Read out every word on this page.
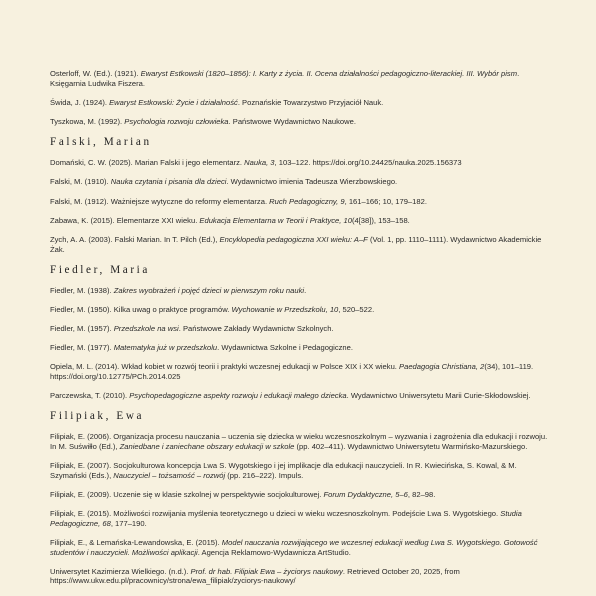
Osterloff, W. (Ed.). (1921). Ewaryst Estkowski (1820–1856): I. Karty z życia. II. Ocena działalności pedagogiczno-literackiej. III. Wybór pism. Księgarnia Ludwika Fiszera.

Świda, J. (1924). Ewaryst Estkowski: Życie i działalność. Poznańskie Towarzystwo Przyjaciół Nauk.

Tyszkowa, M. (1992). Psychologia rozwoju człowieka. Państwowe Wydawnictwo Naukowe.

Falski, Marian

Domański, C. W. (2025). Marian Falski i jego elementarz. Nauka, 3, 103–122. https://doi.org/10.24425/nauka.2025.156373

Falski, M. (1910). Nauka czytania i pisania dla dzieci. Wydawnictwo imienia Tadeusza Wierzbowskiego.

Falski, M. (1912). Ważniejsze wytyczne do reformy elementarza. Ruch Pedagogiczny, 9, 161–166; 10, 179–182.

Zabawa, K. (2015). Elementarze XXI wieku. Edukacja Elementarna w Teorii i Praktyce, 10(4[38]), 153–158.

Zych, A. A. (2003). Falski Marian. In T. Pilch (Ed.), Encyklopedia pedagogiczna XXI wieku: A–F (Vol. 1, pp. 1110–1111). Wydawnictwo Akademickie Żak.

Fiedler, Maria

Fiedler, M. (1938). Zakres wyobrażeń i pojęć dzieci w pierwszym roku nauki.

Fiedler, M. (1950). Kilka uwag o praktyce programów. Wychowanie w Przedszkolu, 10, 520–522.

Fiedler, M. (1957). Przedszkole na wsi. Państwowe Zakłady Wydawnictw Szkolnych.

Fiedler, M. (1977). Matematyka już w przedszkolu. Wydawnictwa Szkolne i Pedagogiczne.

Opiela, M. L. (2014). Wkład kobiet w rozwój teorii i praktyki wczesnej edukacji w Polsce XIX i XX wieku. Paedagogia Christiana, 2(34), 101–119. https://doi.org/10.12775/PCh.2014.025

Parczewska, T. (2010). Psychopedagogiczne aspekty rozwoju i edukacji małego dziecka. Wydawnictwo Uniwersytetu Marii Curie-Skłodowskiej.

Filipiak, Ewa

Filipiak, E. (2006). Organizacja procesu nauczania – uczenia się dziecka w wieku wczesnoszkolnym – wyzwania i zagrożenia dla edukacji i rozwoju. In M. Suświłło (Ed.), Zaniedbane i zaniechane obszary edukacji w szkole (pp. 402–411). Wydawnictwo Uniwersytetu Warmińsko-Mazurskiego.

Filipiak, E. (2007). Socjokulturowa koncepcja Lwa S. Wygotskiego i jej implikacje dla edukacji nauczycieli. In R. Kwiecińska, S. Kowal, & M. Szymański (Eds.), Nauczyciel – tożsamość – rozwój (pp. 216–222). Impuls.

Filipiak, E. (2009). Uczenie się w klasie szkolnej w perspektywie socjokulturowej. Forum Dydaktyczne, 5–6, 82–98.

Filipiak, E. (2015). Możliwości rozwijania myślenia teoretycznego u dzieci w wieku wczesnoszkolnym. Podejście Lwa S. Wygotskiego. Studia Pedagogiczne, 68, 177–190.

Filipiak, E., & Lemańska-Lewandowska, E. (2015). Model nauczania rozwijającego we wczesnej edukacji według Lwa S. Wygotskiego. Gotowość studentów i nauczycieli. Możliwości aplikacji. Agencja Reklamowo-Wydawnicza ArtStudio.

Uniwersytet Kazimierza Wielkiego. (n.d.). Prof. dr hab. Filipiak Ewa – życiorys naukowy. Retrieved October 20, 2025, from https://www.ukw.edu.pl/pracownicy/strona/ewa_filipiak/zyciorys-naukowy/
